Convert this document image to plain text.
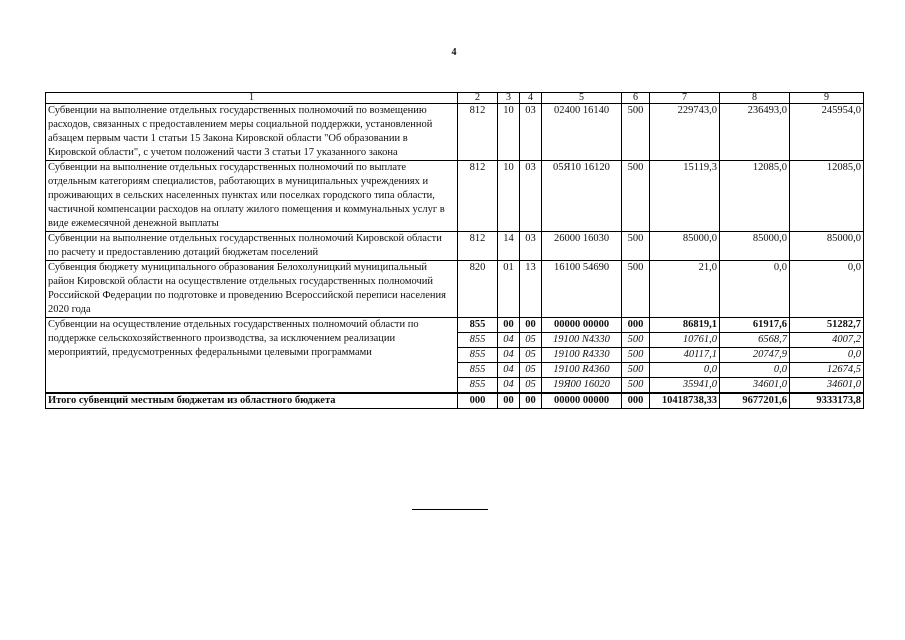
4
1	2	3	4	5	6	7	8	9
Субвенции на выполнение отдельных государственных полномочий по возмещению расходов, связанных с предоставлением меры социальной поддержки, установленной абзацем первым части 1 статьи 15 Закона Кировской области "Об образовании в Кировской области", с учетом положений части 3 статьи 17 указанного закона	812	10	03	02400 16140	500	229743,0	236493,0	245954,0
Субвенции на выполнение отдельных государственных полномочий по выплате отдельным категориям специалистов, работающих в муниципальных учреждениях и проживающих в сельских населенных пунктах или поселках городского типа области, частичной компенсации расходов на оплату жилого помещения и коммунальных услуг в виде ежемесячной денежной выплаты	812	10	03	05Я10 16120	500	15119,3	12085,0	12085,0
Субвенции на выполнение отдельных государственных полномочий Кировской области по расчету и предоставлению дотаций бюджетам поселений	812	14	03	26000 16030	500	85000,0	85000,0	85000,0
Субвенция бюджету муниципального образования Белохолуницкий муниципальный район Кировской области на осуществление отдельных государственных полномочий Российской Федерации по подготовке и проведению Всероссийской переписи населения 2020 года	820	01	13	16100 54690	500	21,0	0,0	0,0
Субвенции на осуществление отдельных государственных полномочий области по поддержке сельскохозяйственного производства, за исключением реализации мероприятий, предусмотренных федеральными целевыми программами	855	00	00	00000 00000	000	86819,1	61917,6	51282,7
	855	04	05	19100 N4330	500	10761,0	6568,7	4007,2
	855	04	05	19100 R4330	500	40117,1	20747,9	0,0
	855	04	05	19100 R4360	500	0,0	0,0	12674,5
	855	04	05	19Я00 16020	500	35941,0	34601,0	34601,0
Итого субвенций местным бюджетам из областного бюджета	000	00	00	00000 00000	000	10418738,33	9677201,6	9333173,8
